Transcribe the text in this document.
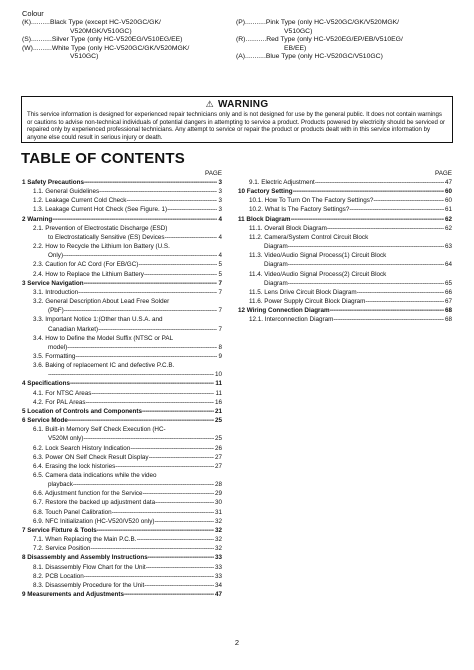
Colour
(K).......... Black Type (except HC-V520GC/GK/
V520MGK/V510GC)
(S)........... Silver Type (only HC-V520EG/V510EG/EE)
(W).......... White Type (only HC-V520GC/GK/V520MGK/
V510GC)
(P)........... Pink Type (only HC-V520GC/GK/V520MGK/
V510GC)
(R)........... Red Type (only HC-V520EG/EP/EB/V510EG/
EB/EE)
(A)........... Blue Type (only HC-V520GC/V510GC)
⚠ WARNING
This service information is designed for experienced repair technicians only and is not designed for use by the general public. It does not contain warnings or cautions to advise non-technical individuals of potential dangers in attempting to service a product. Products powered by electricity should be serviced or repaired only by experienced professional technicians. Any attempt to service or repair the product or products dealt with in this service information by anyone else could result in serious injury or death.
TABLE OF CONTENTS
PAGE
1 Safety Precautions -----	3
1.1. General Guidelines -----	3
1.2. Leakage Current Cold Check -----	3
1.3. Leakage Current Hot Check (See Figure. 1) -----	3
2 Warning -----	4
2.1. Prevention of Electrostatic Discharge (ESD)
to Electrostatically Sensitive (ES) Devices -----	4
2.2. How to Recycle the Lithium Ion Battery (U.S.
Only) -----	4
2.3. Caution for AC Cord (For EB/GC) -----	5
2.4. How to Replace the Lithium Battery -----	5
3 Service Navigation -----	7
3.1. Introduction -----	7
3.2. General Description About Lead Free Solder
(PbF) -----	7
3.3. Important Notice 1:(Other than U.S.A. and
Canadian Market) -----	7
3.4. How to Define the Model Suffix (NTSC or PAL
model) -----	8
3.5. Formatting -----	9
3.6. Baking of replacement IC and defective P.C.B.
-----
10
4 Specifications -----	11
4.1. For NTSC Areas -----	11
4.2. For PAL Areas -----	16
5 Location of Controls and Components -----	21
6 Service Mode -----	25
6.1. Built-in Memory Self Check Execution (HC-
V520M only) -----	25
6.2. Lock Search History Indication -----	26
6.3. Power ON Self Check Result Display -----	27
6.4. Erasing the lock histories -----	27
6.5. Camera data indications while the video
playback -----	28
6.6. Adjustment function for the Service -----	29
6.7. Restore the backed up adjustment data -----	30
6.8. Touch Panel Calibration -----	31
6.9. NFC Initialization (HC-V520/V520 only) -----	32
7 Service Fixture & Tools -----	32
7.1. When Replacing the Main P.C.B. -----	32
7.2. Service Position -----	32
8 Disassembly and Assembly Instructions -----	33
8.1. Disassembly Flow Chart for the Unit -----	33
8.2. PCB Location -----	33
8.3. Disassembly Procedure for the Unit -----	34
9 Measurements and Adjustments -----	47
PAGE
9.1. Electric Adjustment -----	47
10 Factory Setting -----	60
10.1. How To Turn On The Factory Settings? -----	60
10.2. What Is The Factory Settings? -----	61
11 Block Diagram -----	62
11.1. Overall Block Diagram -----	62
11.2. Camera/System Control Circuit Block
Diagram -----	63
11.3. Video/Audio Signal Process(1) Circuit Block
Diagram -----	64
11.4. Video/Audio Signal Process(2) Circuit Block
Diagram -----	65
11.5. Lens Drive Circuit Block Diagram -----	66
11.6. Power Supply Circuit Block Diagram -----	67
12 Wiring Connection Diagram -----	68
12.1. Interconnection Diagram -----	68
2
